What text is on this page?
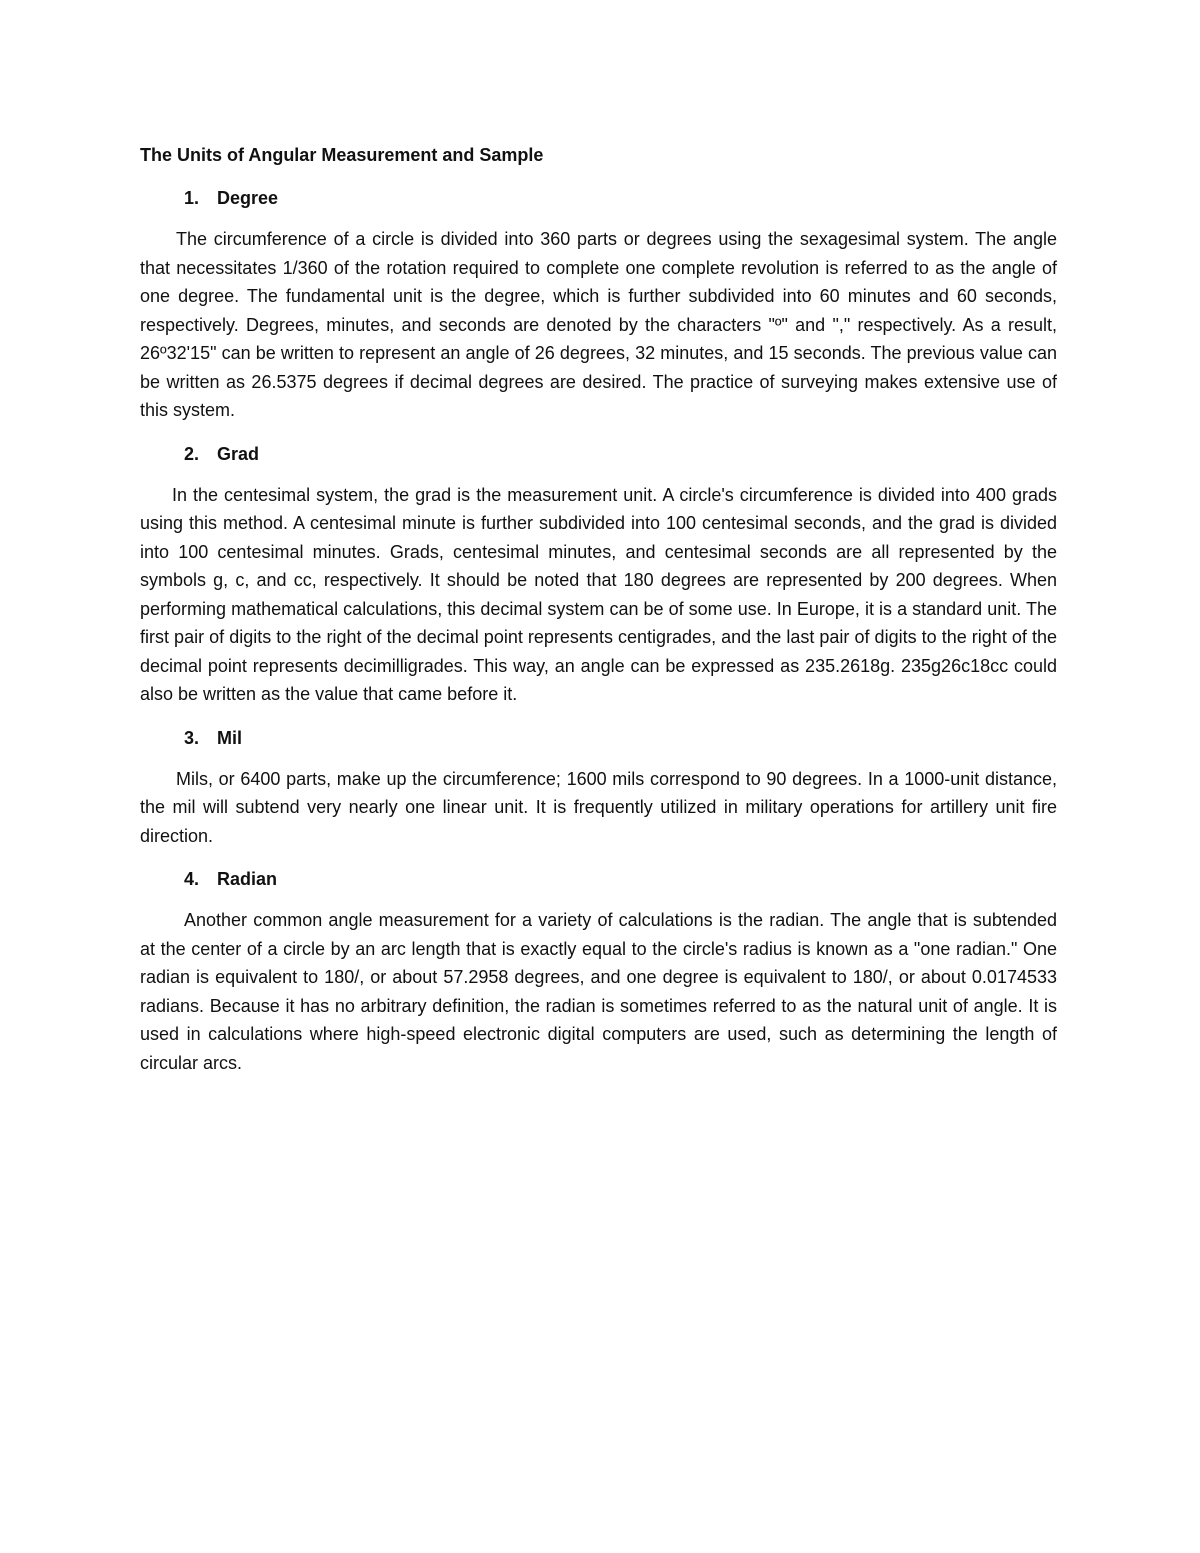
The Units of Angular Measurement and Sample
1. Degree

The circumference of a circle is divided into 360 parts or degrees using the sexagesimal system. The angle that necessitates 1/360 of the rotation required to complete one complete revolution is referred to as the angle of one degree. The fundamental unit is the degree, which is further subdivided into 60 minutes and 60 seconds, respectively. Degrees, minutes, and seconds are denoted by the characters "º" and "," respectively. As a result, 26º32'15" can be written to represent an angle of 26 degrees, 32 minutes, and 15 seconds. The previous value can be written as 26.5375 degrees if decimal degrees are desired. The practice of surveying makes extensive use of this system.

2. Grad

In the centesimal system, the grad is the measurement unit. A circle's circumference is divided into 400 grads using this method. A centesimal minute is further subdivided into 100 centesimal seconds, and the grad is divided into 100 centesimal minutes. Grads, centesimal minutes, and centesimal seconds are all represented by the symbols g, c, and cc, respectively. It should be noted that 180 degrees are represented by 200 degrees. When performing mathematical calculations, this decimal system can be of some use. In Europe, it is a standard unit. The first pair of digits to the right of the decimal point represents centigrades, and the last pair of digits to the right of the decimal point represents decimilligrades. This way, an angle can be expressed as 235.2618g. 235g26c18cc could also be written as the value that came before it.

3. Mil

Mils, or 6400 parts, make up the circumference; 1600 mils correspond to 90 degrees. In a 1000-unit distance, the mil will subtend very nearly one linear unit. It is frequently utilized in military operations for artillery unit fire direction.

4. Radian

Another common angle measurement for a variety of calculations is the radian. The angle that is subtended at the center of a circle by an arc length that is exactly equal to the circle's radius is known as a "one radian." One radian is equivalent to 180/, or about 57.2958 degrees, and one degree is equivalent to 180/, or about 0.0174533 radians. Because it has no arbitrary definition, the radian is sometimes referred to as the natural unit of angle. It is used in calculations where high-speed electronic digital computers are used, such as determining the length of circular arcs.
